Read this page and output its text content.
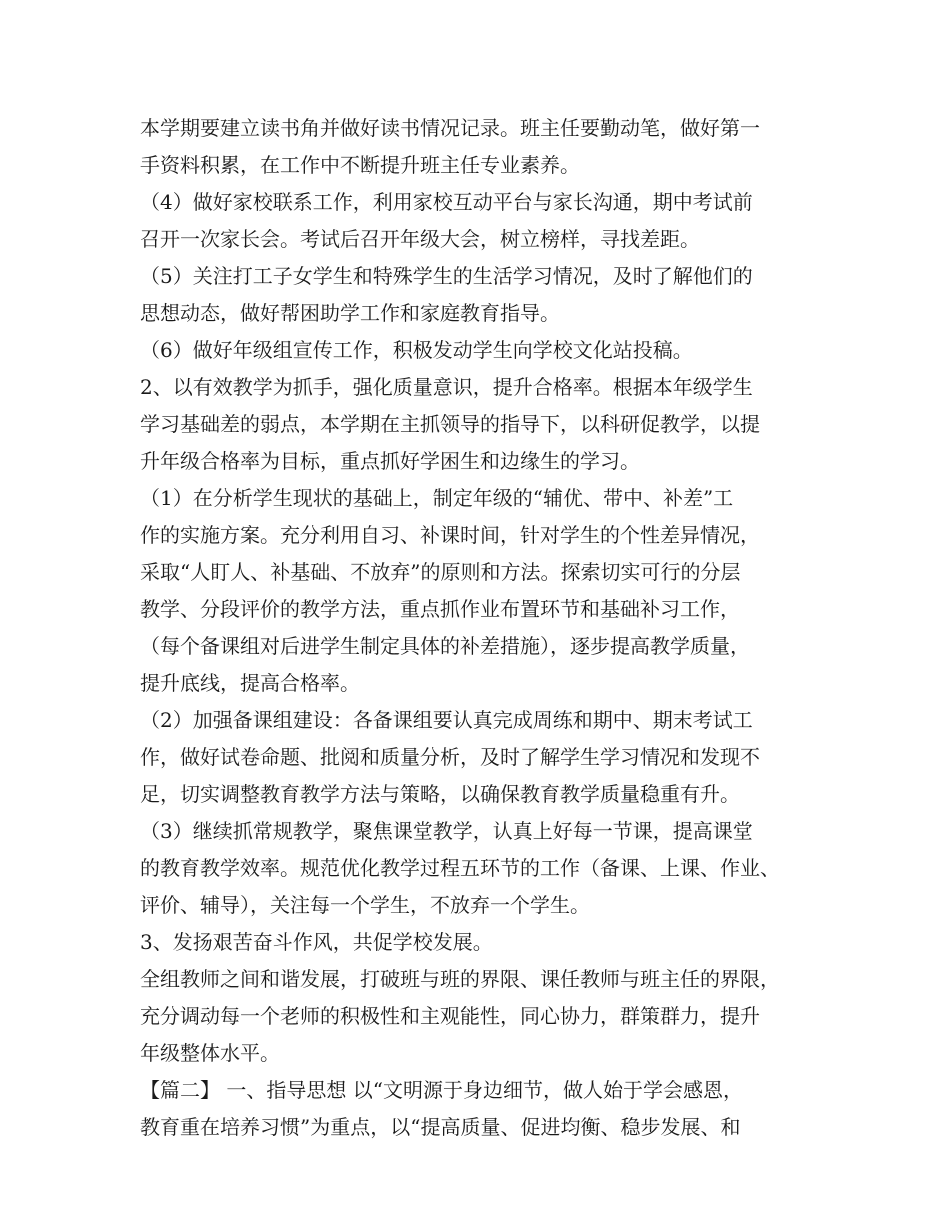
本学期要建立读书角并做好读书情况记录。班主任要勤动笔，做好第一
手资料积累，在工作中不断提升班主任专业素养。
（4）做好家校联系工作，利用家校互动平台与家长沟通，期中考试前
召开一次家长会。考试后召开年级大会，树立榜样，寻找差距。
（5）关注打工子女学生和特殊学生的生活学习情况，及时了解他们的
思想动态，做好帮困助学工作和家庭教育指导。
（6）做好年级组宣传工作，积极发动学生向学校文化站投稿。
2、以有效教学为抓手，强化质量意识，提升合格率。根据本年级学生
学习基础差的弱点，本学期在主抓领导的指导下，以科研促教学，以提
升年级合格率为目标，重点抓好学困生和边缘生的学习。
（1）在分析学生现状的基础上，制定年级的“辅优、带中、补差”工
作的实施方案。充分利用自习、补课时间，针对学生的个性差异情况，
采取“人盯人、补基础、不放弃”的原则和方法。探索切实可行的分层
教学、分段评价的教学方法，重点抓作业布置环节和基础补习工作，
（每个备课组对后进学生制定具体的补差措施），逐步提高教学质量，
提升底线，提高合格率。
（2）加强备课组建设：各备课组要认真完成周练和期中、期末考试工
作，做好试卷命题、批阅和质量分析，及时了解学生学习情况和发现不
足，切实调整教育教学方法与策略，以确保教育教学质量稳重有升。
（3）继续抓常规教学，聚焦课堂教学，认真上好每一节课，提高课堂
的教育教学效率。规范优化教学过程五环节的工作（备课、上课、作业、
评价、辅导），关注每一个学生，不放弃一个学生。
3、发扬艰苦奋斗作风，共促学校发展。
全组教师之间和谐发展，打破班与班的界限、课任教师与班主任的界限，
充分调动每一个老师的积极性和主观能性，同心协力，群策群力，提升
年级整体水平。
【篇二】 一、指导思想 以“文明源于身边细节，做人始于学会感恩，
教育重在培养习惯”为重点，以“提高质量、促进均衡、稳步发展、和
